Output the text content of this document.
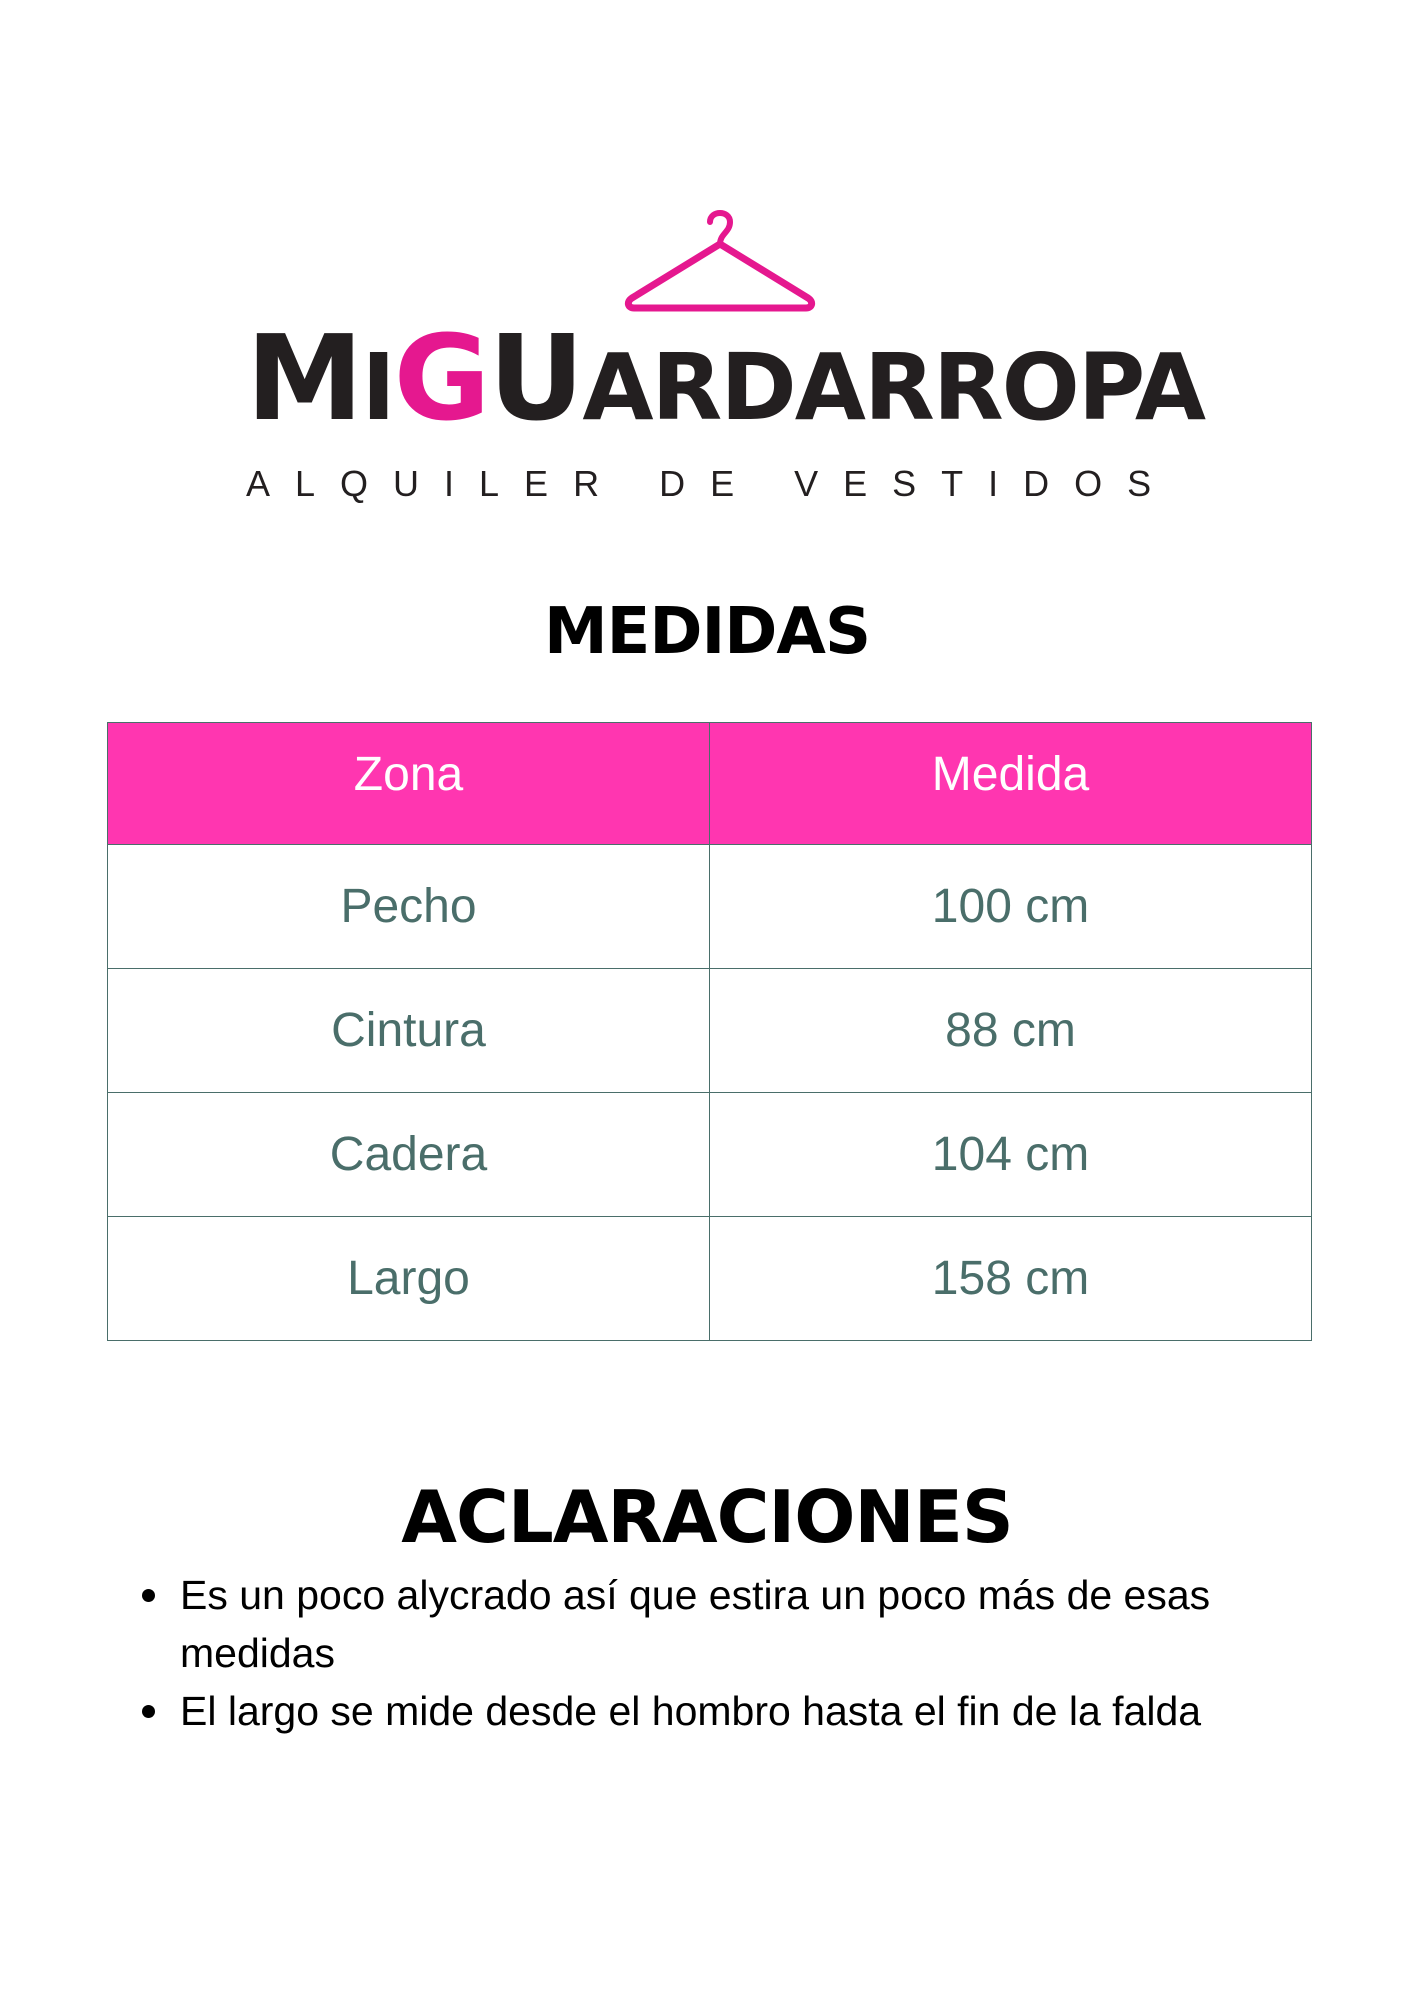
MIGUARDARROPA
ALQUILER DE VESTIDOS
MEDIDAS
Zona	Medida
Pecho	100 cm
Cintura	88 cm
Cadera	104 cm
Largo	158 cm
ACLARACIONES
Es un poco alycrado así que estira un poco más de esas medidas
El largo se mide desde el hombro hasta el fin de la falda
